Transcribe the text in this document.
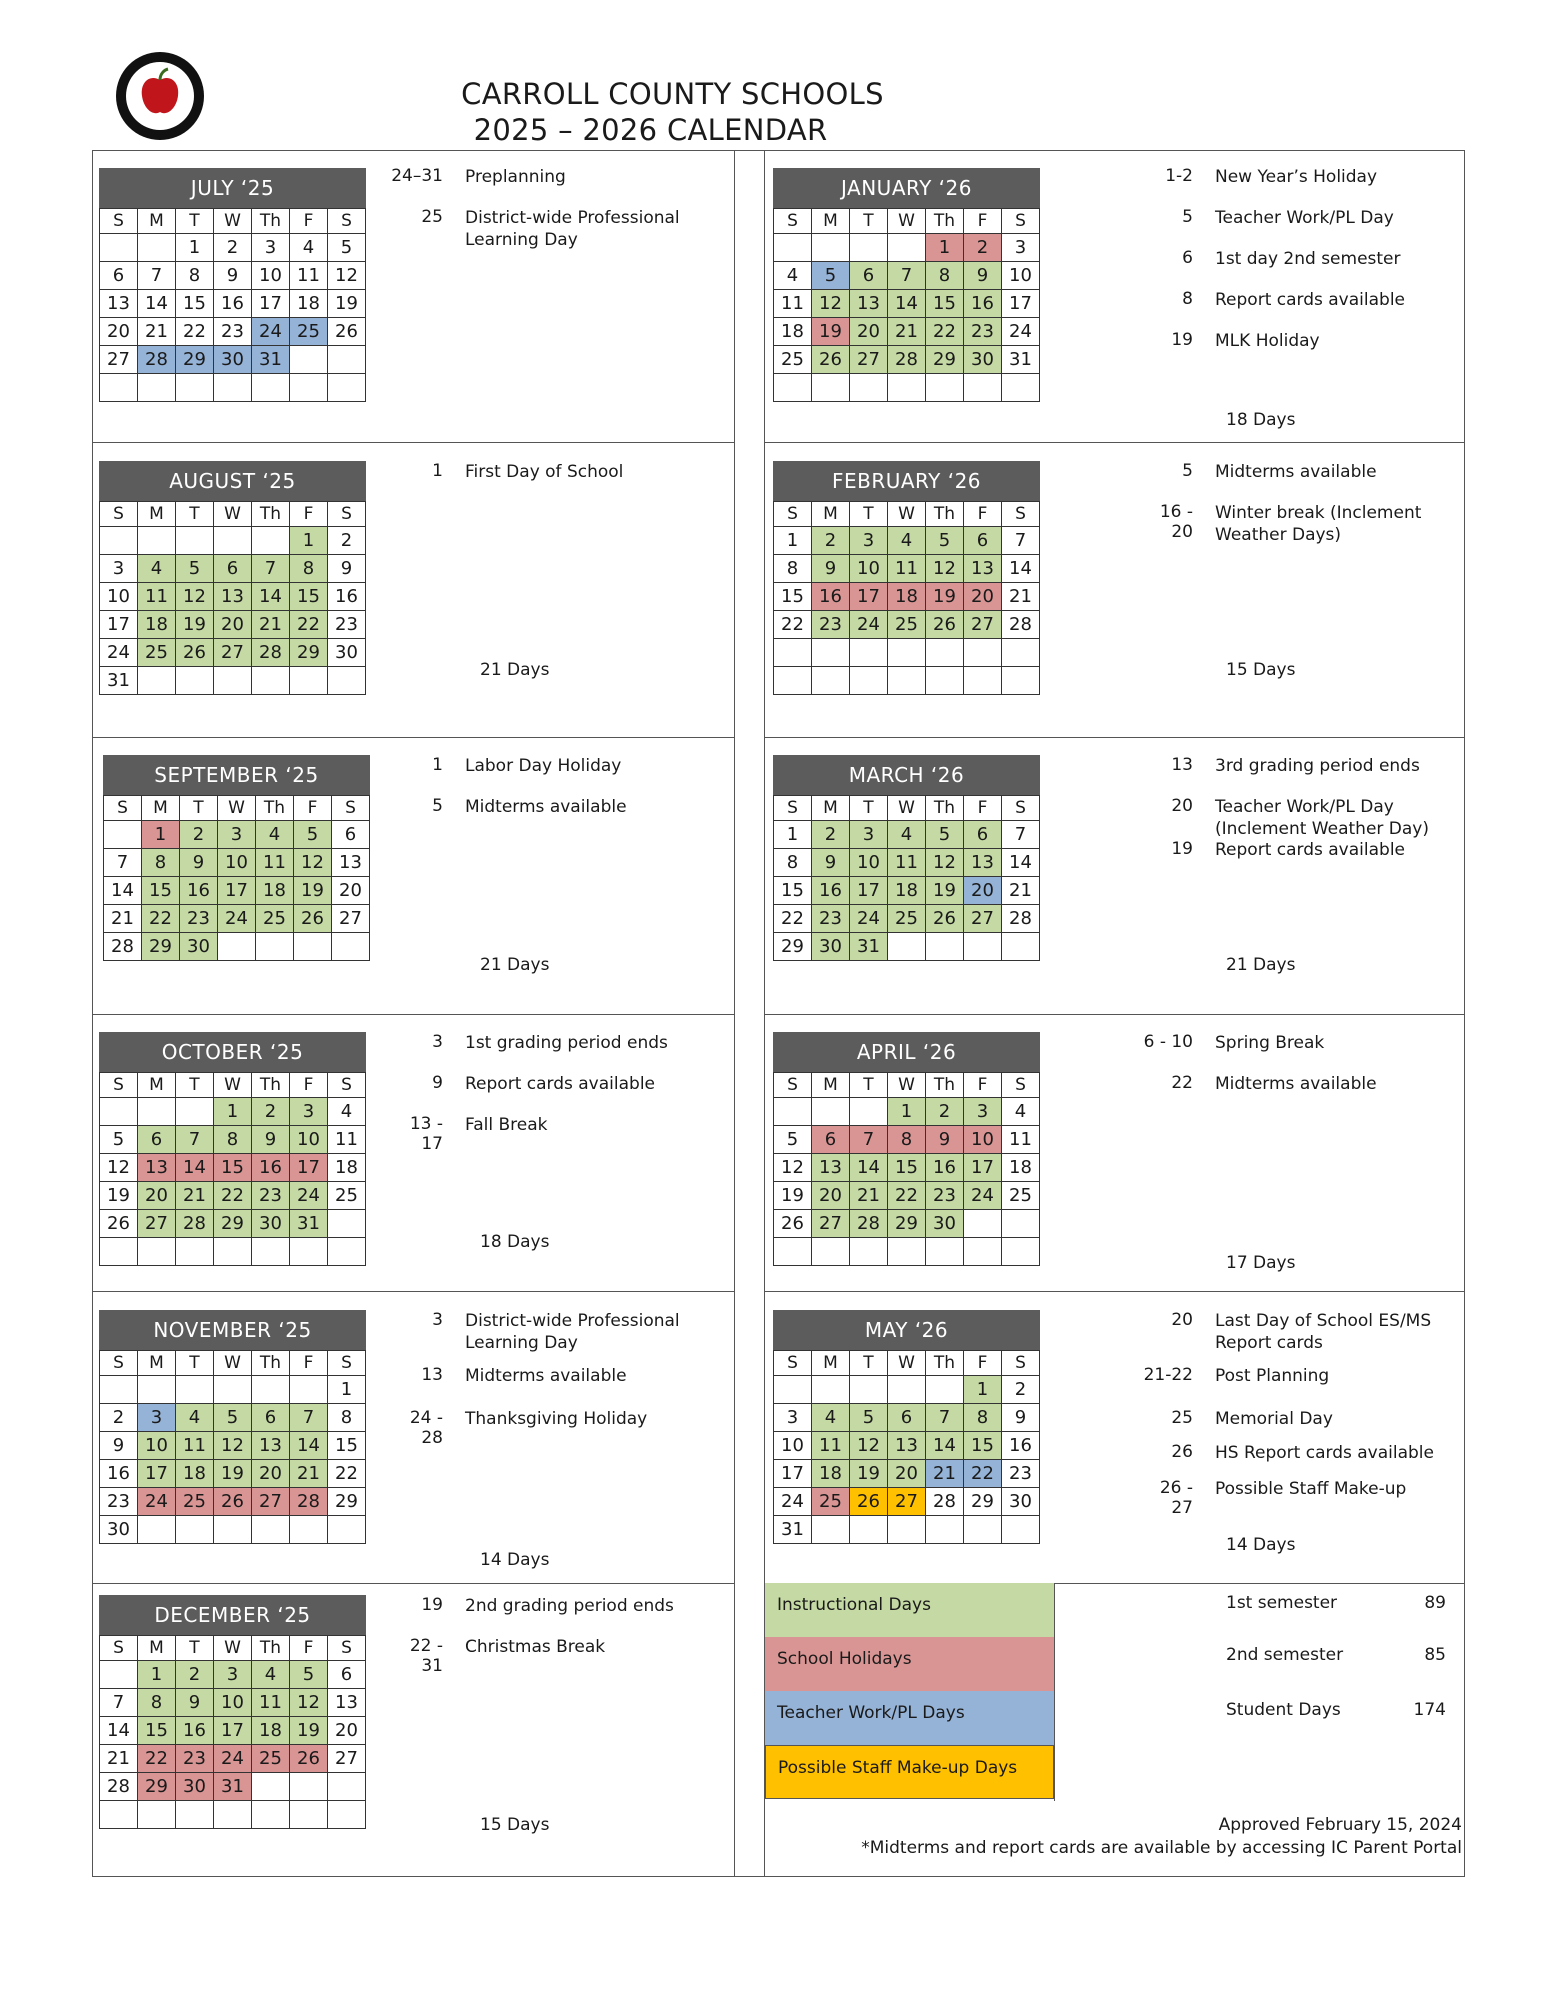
CARROLL COUNTY SCHOOLS
2025 – 2026 CALENDAR
JULY ‘25
S	M	T	W	Th	F	S
		1	2	3	4	5
6	7	8	9	10	11	12
13	14	15	16	17	18	19
20	21	22	23	24	25	26
27	28	29	30	31		

24–31 Preplanning
25 District-wide Professional Learning Day
AUGUST ‘25
S	M	T	W	Th	F	S
					1	2
3	4	5	6	7	8	9
10	11	12	13	14	15	16
17	18	19	20	21	22	23
24	25	26	27	28	29	30
31						
1 First Day of School
21 Days
SEPTEMBER ‘25
S	M	T	W	Th	F	S
	1	2	3	4	5	6
7	8	9	10	11	12	13
14	15	16	17	18	19	20
21	22	23	24	25	26	27
28	29	30				
1 Labor Day Holiday
5 Midterms available
21 Days
OCTOBER ‘25
S	M	T	W	Th	F	S
			1	2	3	4
5	6	7	8	9	10	11
12	13	14	15	16	17	18
19	20	21	22	23	24	25
26	27	28	29	30	31	

3 1st grading period ends
9 Report cards available
13 - 17
Fall Break
18 Days
NOVEMBER ‘25
S	M	T	W	Th	F	S
						1
2	3	4	5	6	7	8
9	10	11	12	13	14	15
16	17	18	19	20	21	22
23	24	25	26	27	28	29
30						
3 District-wide Professional Learning Day
13 Midterms available
24 - 28
Thanksgiving Holiday
14 Days
DECEMBER ‘25
S	M	T	W	Th	F	S
	1	2	3	4	5	6
7	8	9	10	11	12	13
14	15	16	17	18	19	20
21	22	23	24	25	26	27
28	29	30	31			

19 2nd grading period ends
22 - 31
Christmas Break
15 Days
JANUARY ‘26
S	M	T	W	Th	F	S
				1	2	3
4	5	6	7	8	9	10
11	12	13	14	15	16	17
18	19	20	21	22	23	24
25	26	27	28	29	30	31

1-2 New Year’s Holiday
5 Teacher Work/PL Day
6 1st day 2nd semester
8 Report cards available
19 MLK Holiday
18 Days
FEBRUARY ‘26
S	M	T	W	Th	F	S
1	2	3	4	5	6	7
8	9	10	11	12	13	14
15	16	17	18	19	20	21
22	23	24	25	26	27	28

5 Midterms available
16 - 20
Winter break (Inclement Weather Days)
15 Days
MARCH ‘26
S	M	T	W	Th	F	S
1	2	3	4	5	6	7
8	9	10	11	12	13	14
15	16	17	18	19	20	21
22	23	24	25	26	27	28
29	30	31				
13 3rd grading period ends
20 Teacher Work/PL Day (Inclement Weather Day)
19 Report cards available
21 Days
APRIL ‘26
S	M	T	W	Th	F	S
			1	2	3	4
5	6	7	8	9	10	11
12	13	14	15	16	17	18
19	20	21	22	23	24	25
26	27	28	29	30		

6 - 10 Spring Break
22 Midterms available
17 Days
MAY ‘26
S	M	T	W	Th	F	S
					1	2
3	4	5	6	7	8	9
10	11	12	13	14	15	16
17	18	19	20	21	22	23
24	25	26	27	28	29	30
31						
20 Last Day of School ES/MS Report cards
21-22 Post Planning
25 Memorial Day
26 HS Report cards available
26 - 27
Possible Staff Make-up
14 Days
Instructional Days
School Holidays
Teacher Work/PL Days
Possible Staff Make-up Days
1st semester	89
2nd semester	85
Student Days	174
Approved February 15, 2024
*Midterms and report cards are available by accessing IC Parent Portal
